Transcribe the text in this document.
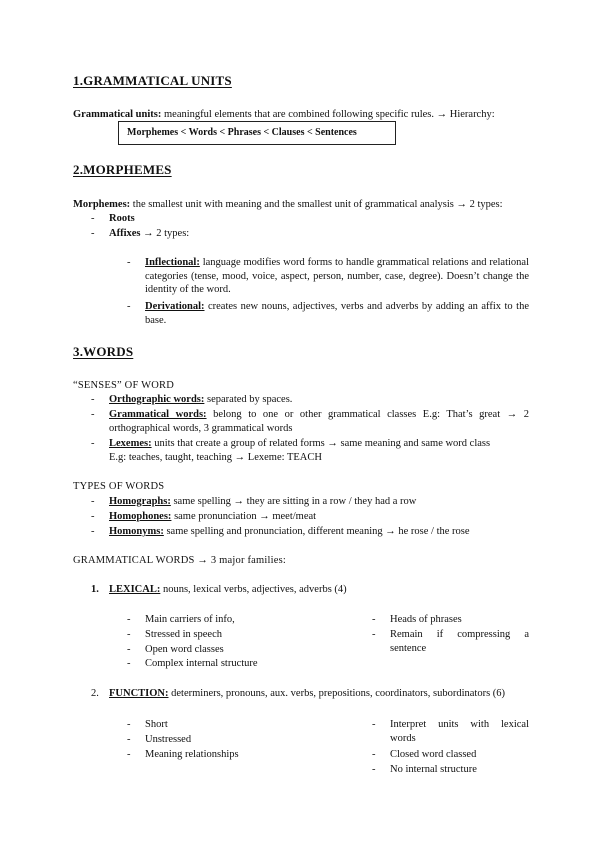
1.GRAMMATICAL UNITS
Grammatical units: meaningful elements that are combined following specific rules. → Hierarchy:
Morphemes < Words < Phrases < Clauses < Sentences
2.MORPHEMES
Morphemes: the smallest unit with meaning and the smallest unit of grammatical analysis → 2 types:
- Roots
- Affixes → 2 types:
- Inflectional: language modifies word forms to handle grammatical relations and relational categories (tense, mood, voice, aspect, person, number, case, degree). Doesn’t change the identity of the word.
- Derivational: creates new nouns, adjectives, verbs and adverbs by adding an affix to the base.
3.WORDS
“SENSES” OF WORD
- Orthographic words: separated by spaces.
- Grammatical words: belong to one or other grammatical classes E.g: That’s great → 2 orthographical words, 3 grammatical words
- Lexemes: units that create a group of related forms → same meaning and same word class
E.g: teaches, taught, teaching → Lexeme: TEACH
TYPES OF WORDS
- Homographs: same spelling → they are sitting in a row / they had a row
- Homophones: same pronunciation → meet/meat
- Homonyms: same spelling and pronunciation, different meaning → he rose / the rose
GRAMMATICAL WORDS → 3 major families:
1. LEXICAL: nouns, lexical verbs, adjectives, adverbs (4)
- Main carriers of info,
- Stressed in speech
- Open word classes
- Complex internal structure
- Heads of phrases
- Remain if compressing a
sentence
2. FUNCTION: determiners, pronouns, aux. verbs, prepositions, coordinators, subordinators (6)
- Short
- Unstressed
- Meaning relationships
- Interpret units with lexical
words
- Closed word classed
- No internal structure
